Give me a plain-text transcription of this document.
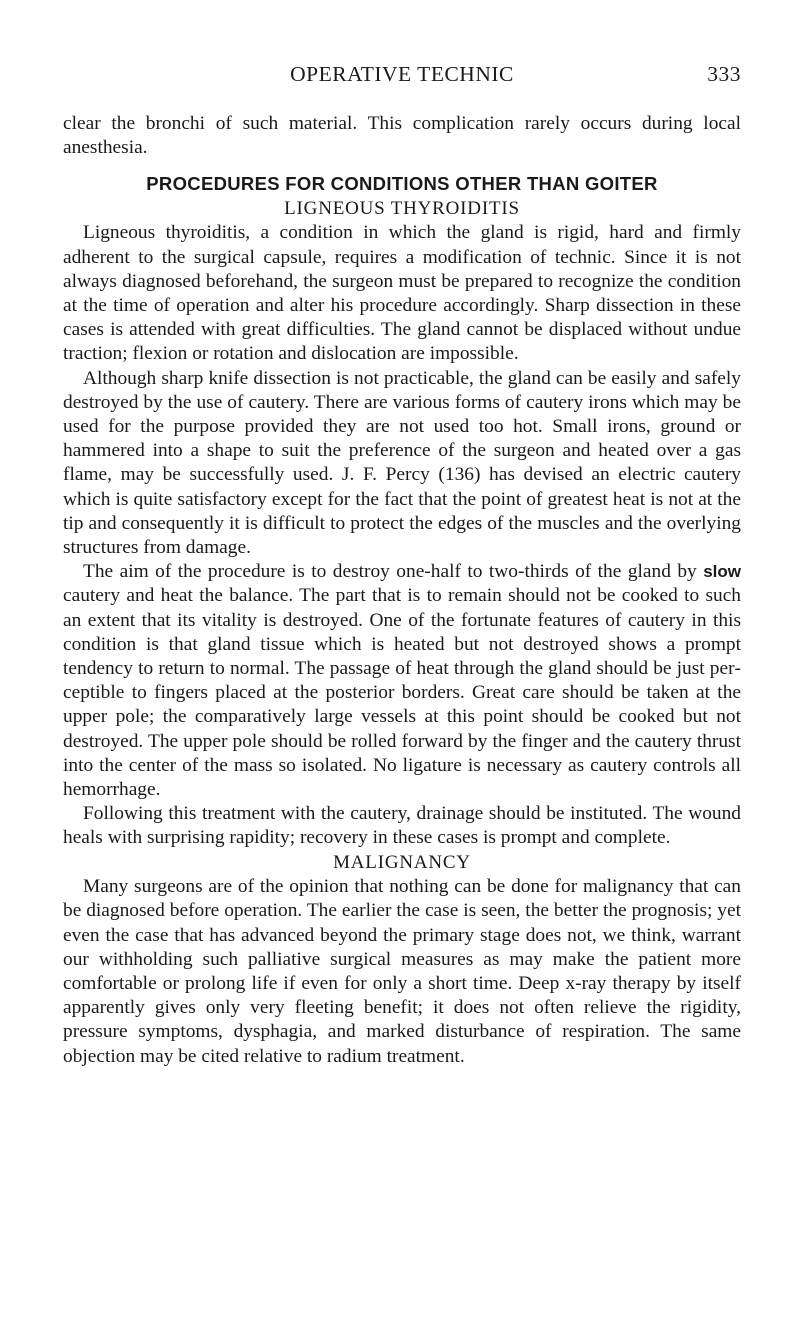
OPERATIVE TECHNIC	333

clear the bronchi of such material. This complication rarely occurs during local anesthesia.

PROCEDURES FOR CONDITIONS OTHER THAN GOITER
LIGNEOUS THYROIDITIS

Ligneous thyroiditis, a condition in which the gland is rigid, hard and firmly adherent to the surgical capsule, requires a modification of technic. Since it is not always diagnosed beforehand, the surgeon must be prepared to recognize the condition at the time of operation and alter his procedure accordingly. Sharp dissection in these cases is attended with great difficulties. The gland cannot be displaced without undue traction; flexion or rotation and dislocation are impossible.

Although sharp knife dissection is not practicable, the gland can be easily and safely destroyed by the use of cautery. There are various forms of cautery irons which may be used for the purpose provided they are not used too hot. Small irons, ground or hammered into a shape to suit the preference of the surgeon and heated over a gas flame, may be successfully used. J. F. Percy (136) has devised an electric cautery which is quite satisfactory except for the fact that the point of greatest heat is not at the tip and consequently it is difficult to protect the edges of the muscles and the overlying structures from damage.

The aim of the procedure is to destroy one-half to two-thirds of the gland by slow cautery and heat the balance. The part that is to remain should not be cooked to such an extent that its vitality is destroyed. One of the fortunate features of cautery in this condition is that gland tissue which is heated but not destroyed shows a prompt tendency to return to normal. The passage of heat through the gland should be just perceptible to fingers placed at the posterior borders. Great care should be taken at the upper pole; the comparatively large vessels at this point should be cooked but not destroyed. The upper pole should be rolled forward by the finger and the cautery thrust into the center of the mass so isolated. No ligature is necessary as cautery controls all hemorrhage.

Following this treatment with the cautery, drainage should be instituted. The wound heals with surprising rapidity; recovery in these cases is prompt and complete.

MALIGNANCY

Many surgeons are of the opinion that nothing can be done for malignancy that can be diagnosed before operation. The earlier the case is seen, the better the prognosis; yet even the case that has advanced beyond the primary stage does not, we think, warrant our withholding such palliative surgical measures as may make the patient more comfortable or prolong life if even for only a short time. Deep x-ray therapy by itself apparently gives only very fleeting benefit; it does not often relieve the rigidity, pressure symptoms, dysphagia, and marked disturbance of respiration. The same objection may be cited relative to radium treatment.
